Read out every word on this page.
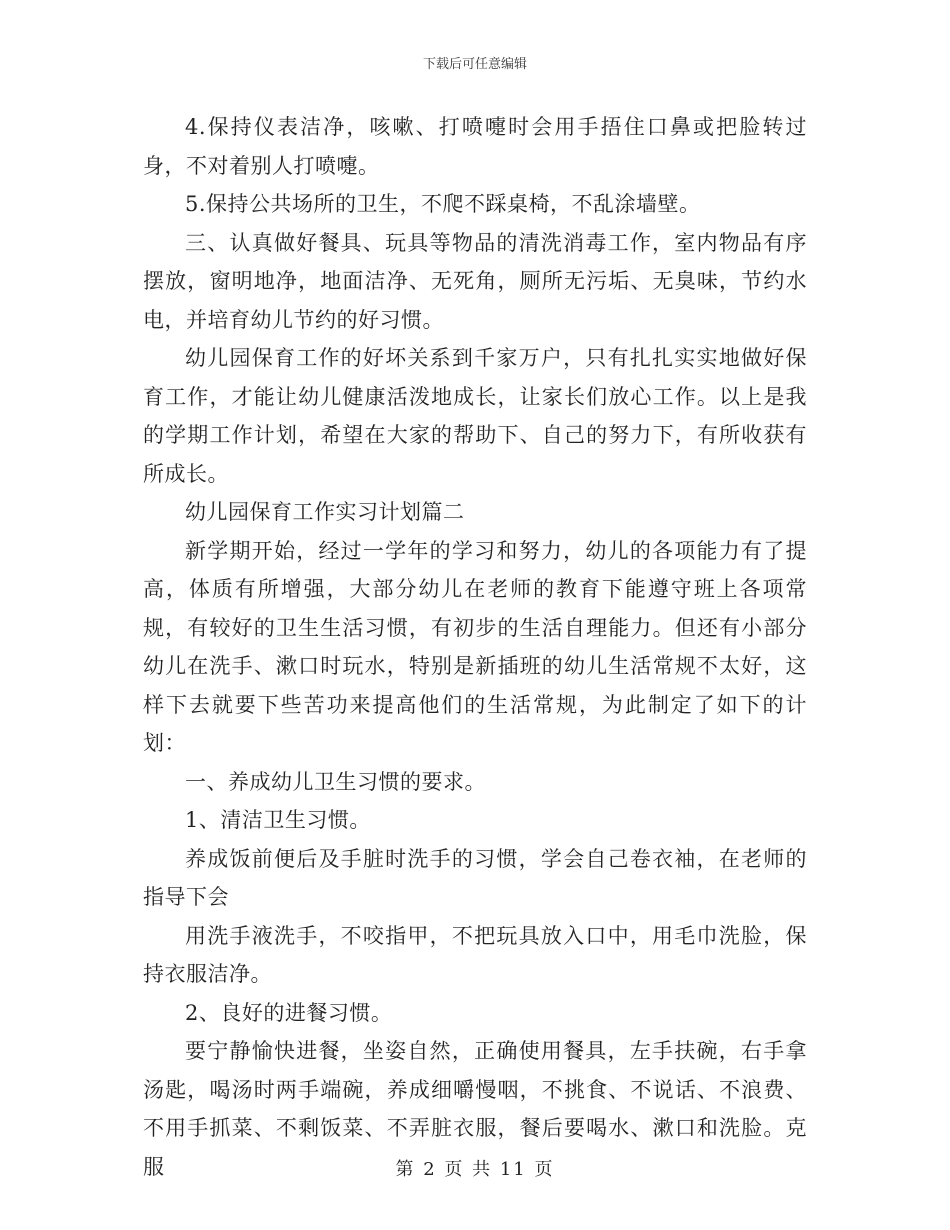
下载后可任意编辑

4.保持仪表洁净，咳嗽、打喷嚏时会用手捂住口鼻或把脸转过身，不对着别人打喷嚏。

5.保持公共场所的卫生，不爬不踩桌椅，不乱涂墙壁。

三、认真做好餐具、玩具等物品的清洗消毒工作，室内物品有序摆放，窗明地净，地面洁净、无死角，厕所无污垢、无臭味，节约水电，并培育幼儿节约的好习惯。

幼儿园保育工作的好坏关系到千家万户，只有扎扎实实地做好保育工作，才能让幼儿健康活泼地成长，让家长们放心工作。以上是我的学期工作计划，希望在大家的帮助下、自己的努力下，有所收获有所成长。

幼儿园保育工作实习计划篇二

新学期开始，经过一学年的学习和努力，幼儿的各项能力有了提高，体质有所增强，大部分幼儿在老师的教育下能遵守班上各项常规，有较好的卫生生活习惯，有初步的生活自理能力。但还有小部分幼儿在洗手、漱口时玩水，特别是新插班的幼儿生活常规不太好，这样下去就要下些苦功来提高他们的生活常规，为此制定了如下的计划：

一、养成幼儿卫生习惯的要求。

1、清洁卫生习惯。

养成饭前便后及手脏时洗手的习惯，学会自己卷衣袖，在老师的指导下会

用洗手液洗手，不咬指甲，不把玩具放入口中，用毛巾洗脸，保持衣服洁净。

2、良好的进餐习惯。

要宁静愉快进餐，坐姿自然，正确使用餐具，左手扶碗，右手拿汤匙，喝汤时两手端碗，养成细嚼慢咽，不挑食、不说话、不浪费、不用手抓菜、不剩饭菜、不弄脏衣服，餐后要喝水、漱口和洗脸。克服	第 2 页 共 11 页
